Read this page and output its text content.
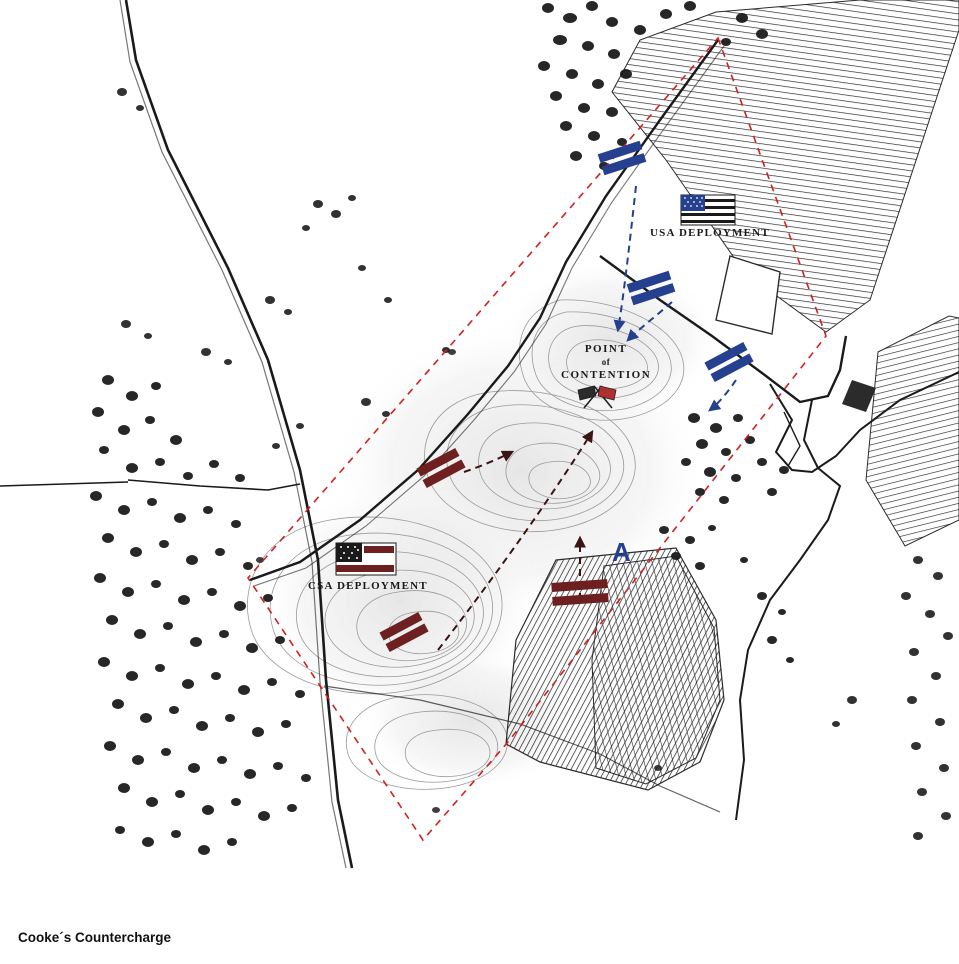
USA DEPLOYMENT
CSA DEPLOYMENT
POINT
of
CONTENTION
A
Cooke´s Countercharge
